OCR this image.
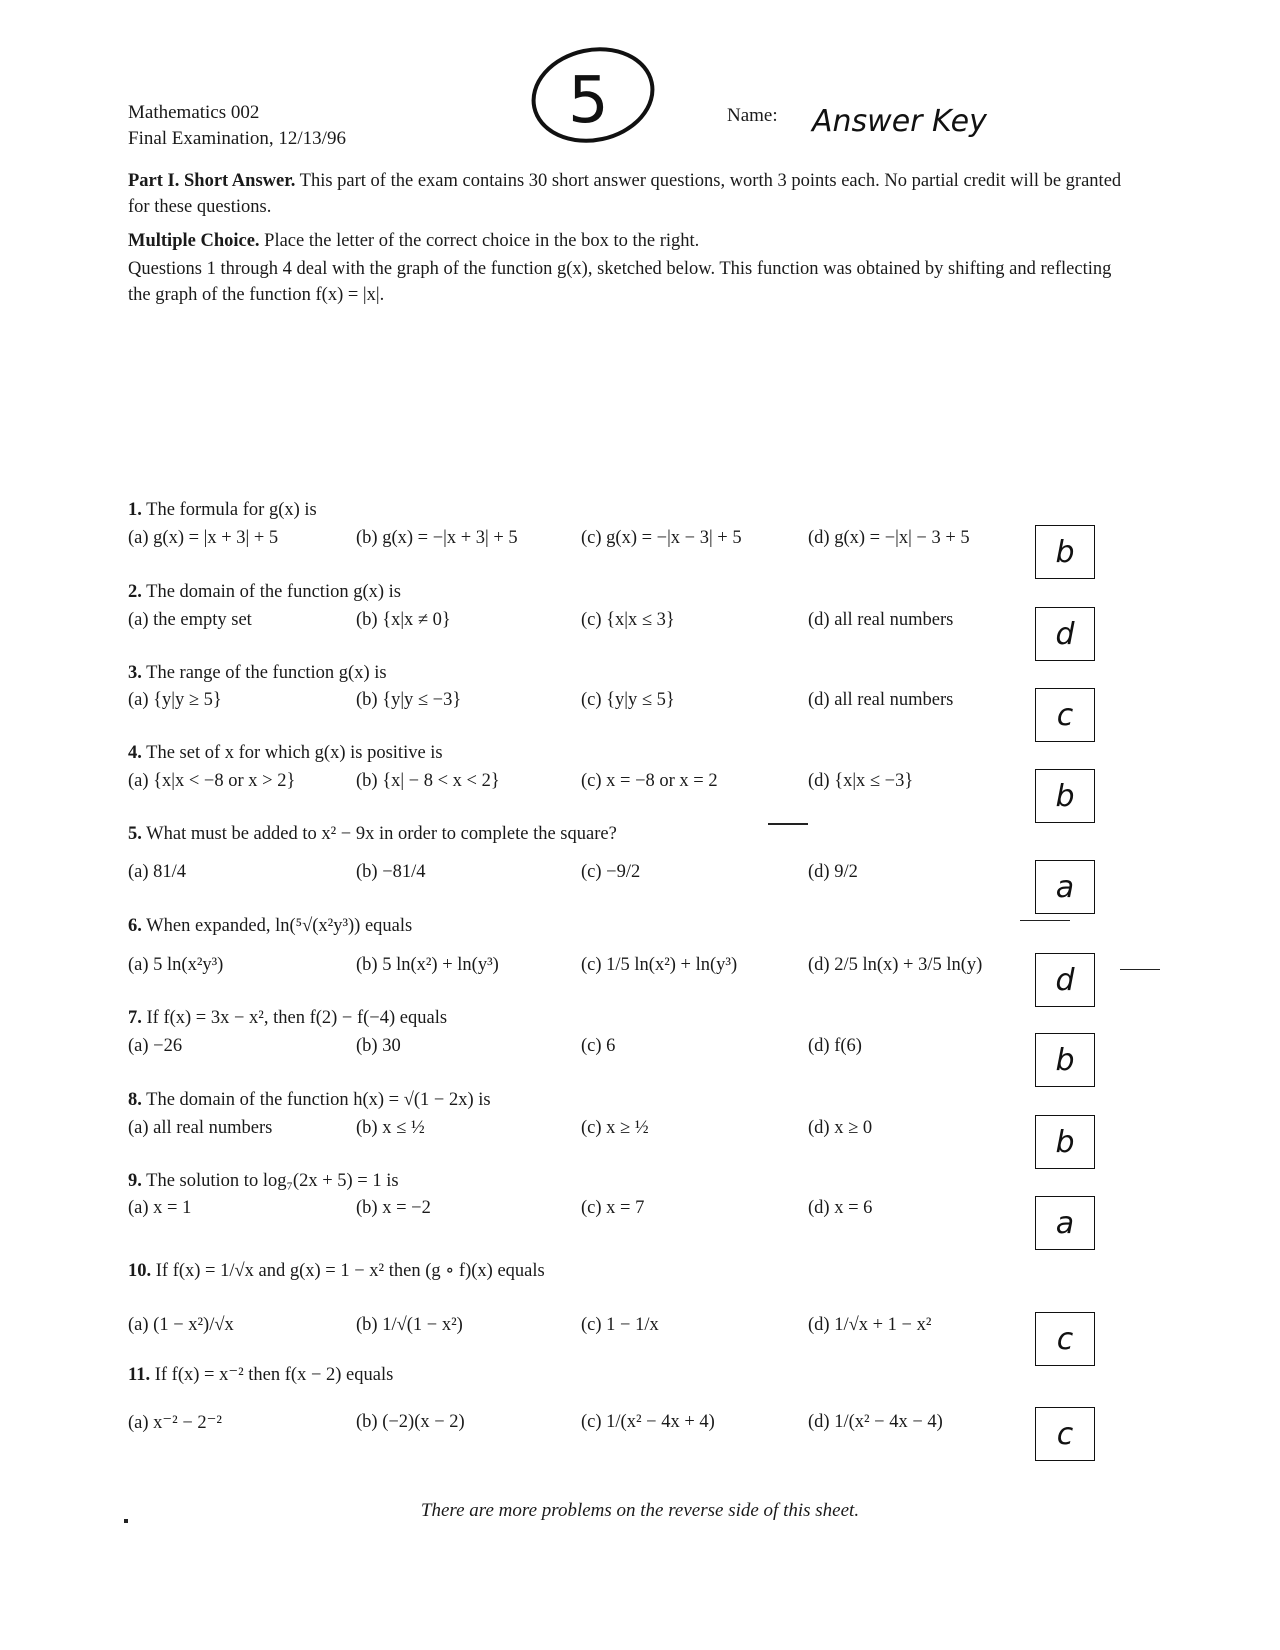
Mathematics 002
Final Examination, 12/13/96
5	Name: Answer Key
Part I. Short Answer. This part of the exam contains 30 short answer questions, worth 3 points each. No partial credit will be granted for these questions.
Multiple Choice. Place the letter of the correct choice in the box to the right.
Questions 1 through 4 deal with the graph of the function g(x), sketched below. This function was obtained by shifting and reflecting the graph of the function f(x) = |x|.
1. The formula for g(x) is
(a) g(x) = |x + 3| + 5	(b) g(x) = −|x + 3| + 5	(c) g(x) = −|x − 3| + 5	(d) g(x) = −|x| − 3 + 5	b
2. The domain of the function g(x) is
(a) the empty set	(b) {x|x ≠ 0}	(c) {x|x ≤ 3}	(d) all real numbers	d
3. The range of the function g(x) is
(a) {y|y ≥ 5}	(b) {y|y ≤ −3}	(c) {y|y ≤ 5}	(d) all real numbers	c
4. The set of x for which g(x) is positive is
(a) {x|x < −8 or x > 2}	(b) {x| − 8 < x < 2}	(c) x = −8 or x = 2	(d) {x|x ≤ −3}	b
5. What must be added to x² − 9x in order to complete the square?
(a) 81/4	(b) −81/4	(c) −9/2	(d) 9/2	a
6. When expanded, ln(⁵√(x²y³)) equals
(a) 5 ln(x²y³)	(b) 5 ln(x²) + ln(y³)	(c) 1/5 ln(x²) + ln(y³)	(d) 2/5 ln(x) + 3/5 ln(y)	d
7. If f(x) = 3x − x², then f(2) − f(−4) equals
(a) −26	(b) 30	(c) 6	(d) f(6)	b
8. The domain of the function h(x) = √(1 − 2x) is
(a) all real numbers	(b) x ≤ ½	(c) x ≥ ½	(d) x ≥ 0	b
9. The solution to log₇(2x + 5) = 1 is
(a) x = 1	(b) x = −2	(c) x = 7	(d) x = 6	a
10. If f(x) = 1/√x and g(x) = 1 − x² then (g ∘ f)(x) equals
(a) (1 − x²)/√x	(b) 1/√(1 − x²)	(c) 1 − 1/x	(d) 1/√x + 1 − x²	c
11. If f(x) = x⁻² then f(x − 2) equals
(a) x⁻² − 2⁻²	(b) (−2)(x − 2)	(c) 1/(x² − 4x + 4)	(d) 1/(x² − 4x − 4)	c
There are more problems on the reverse side of this sheet.
